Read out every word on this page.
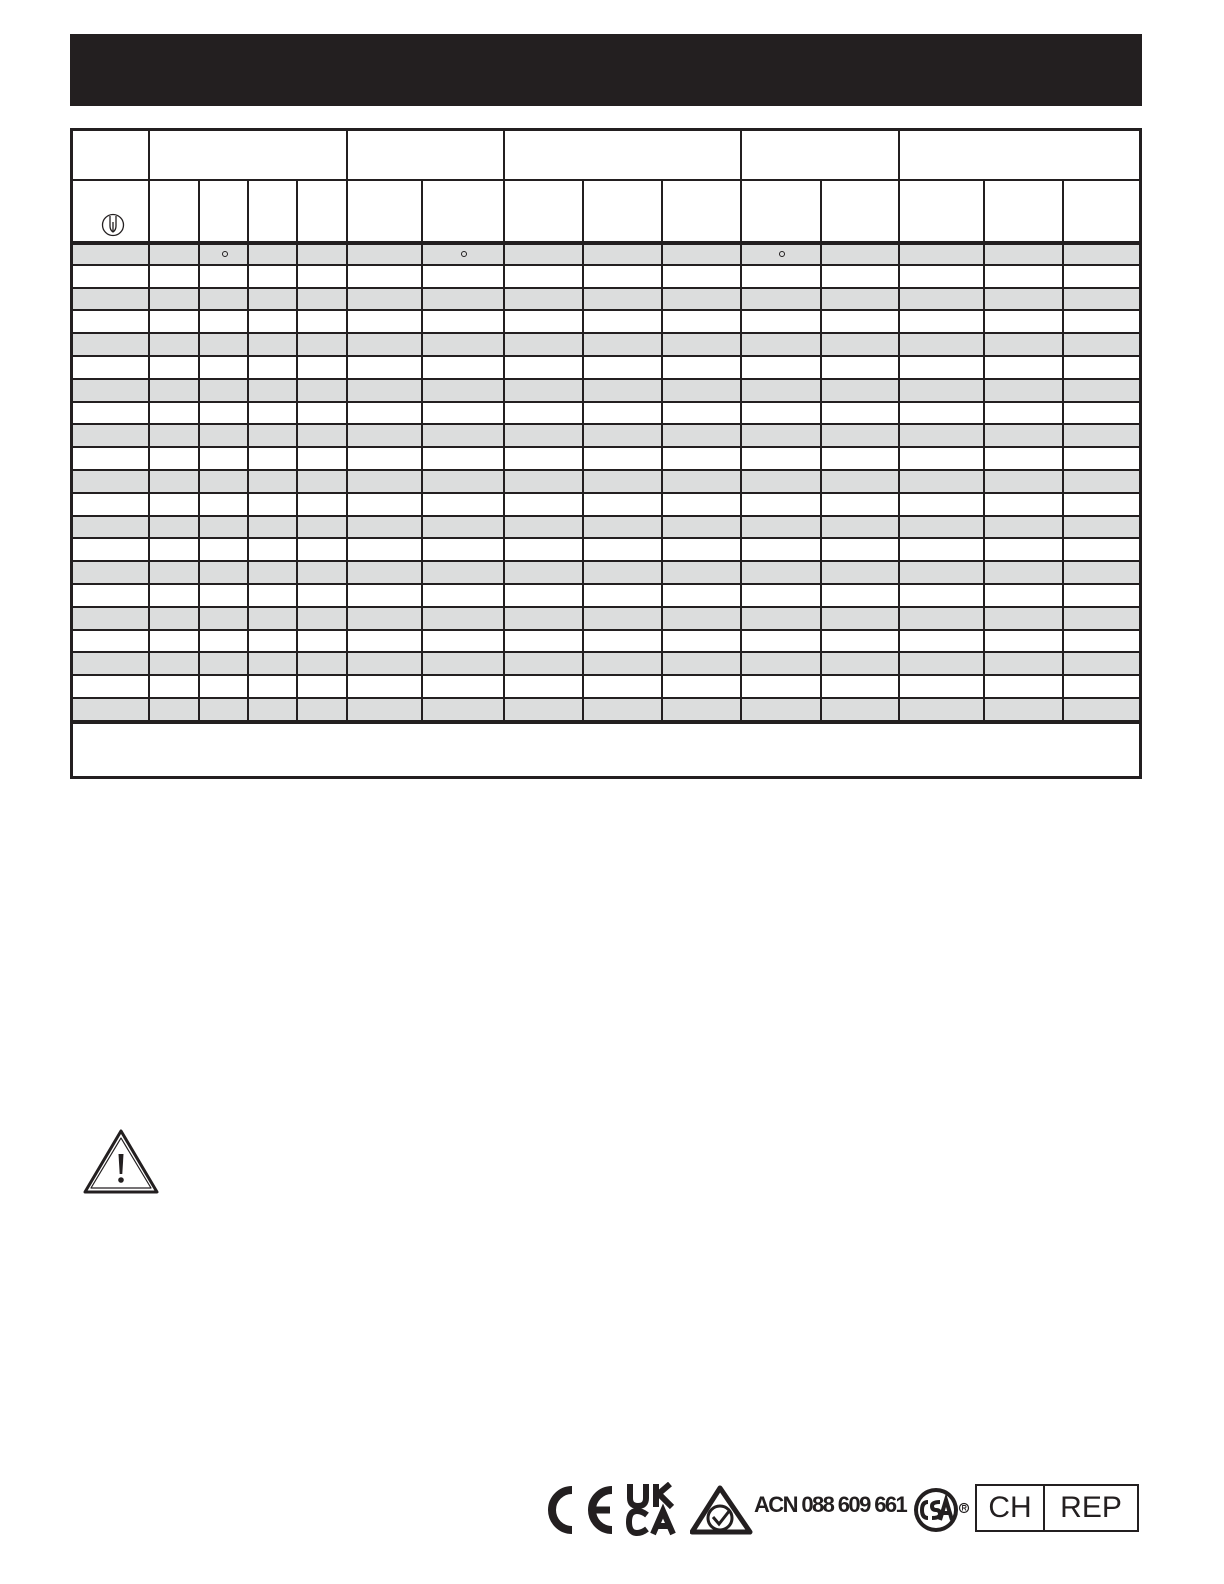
ACN 088 609 661	CH REP
